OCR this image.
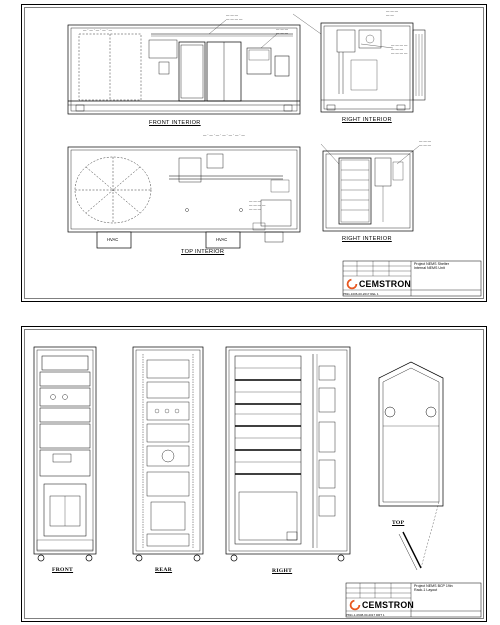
— · — · — · — · —
— — —
— — — —
— — —
— — —
— — — —
— — —
— — — —
— — —
— —
— · — · — · — · — · — · —
— — —
— — — —
— — —
— — —
— — —
FRONT INTERIOR	RIGHT INTERIOR
TOP INTERIOR
RIGHT INTERIOR
HVAC	HVAC
Project NEMS Shelter
Internal NEMS Unit
CEMSTRON
P811-1006-00-2017 REL 1
FRONT	REAR	RIGHT
TOP
Project NEMS BCP 19in
Rack-1 Layout
CEMSTRON
P811-1-0608-00-2017 DRT 1
